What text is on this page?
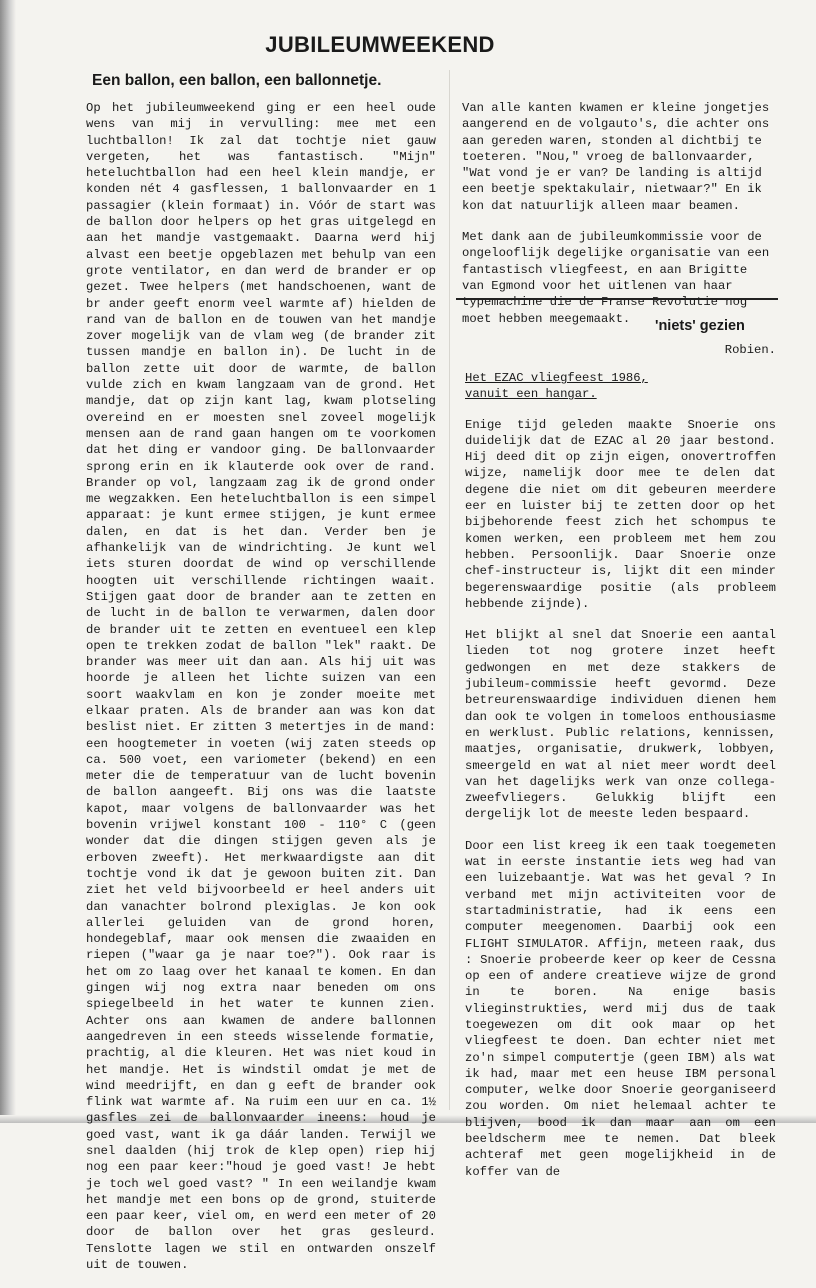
JUBILEUMWEEKEND
Een ballon, een ballon, een ballonnetje.

Op het jubileumweekend ging er een heel oude wens van mij in vervulling: mee met een luchtballon! Ik zal dat tochtje niet gauw vergeten, het was fantastisch. "Mijn" heteluchtballon had een heel klein mandje, er konden nét 4 gasflessen, 1 ballonvaarder en 1 passagier (klein formaat) in. Vóór de start was de ballon door helpers op het gras uitgelegd en aan het mandje vastgemaakt. Daarna werd hij alvast een beetje opgeblazen met behulp van een grote ventilator, en dan werd de brander er op gezet. Twee helpers (met handschoenen, want de br ander geeft enorm veel warmte af) hielden de rand van de ballon en de touwen van het mandje zover mogelijk van de vlam weg (de brander zit tussen mandje en ballon in). De lucht in de ballon zette uit door de warmte, de ballon vulde zich en kwam langzaam van de grond. Het mandje, dat op zijn kant lag, kwam plotseling overeind en er moesten snel zoveel mogelijk mensen aan de rand gaan hangen om te voorkomen dat het ding er vandoor ging. De ballonvaarder sprong erin en ik klauterde ook over de rand. Brander op vol, langzaam zag ik de grond onder me wegzakken. Een heteluchtballon is een simpel apparaat: je kunt ermee stijgen, je kunt ermee dalen, en dat is het dan. Verder ben je afhankelijk van de windrichting. Je kunt wel iets sturen doordat de wind op verschillende hoogten uit verschillende richtingen waait. Stijgen gaat door de brander aan te zetten en de lucht in de ballon te verwarmen, dalen door de brander uit te zetten en eventueel een klep open te trekken zodat de ballon "lek" raakt. De brander was meer uit dan aan. Als hij uit was hoorde je alleen het lichte suizen van een soort waakvlam en kon je zonder moeite met elkaar praten. Als de brander aan was kon dat beslist niet. Er zitten 3 metertjes in de mand: een hoogtemeter in voeten (wij zaten steeds op ca. 500 voet, een variometer (bekend) en een meter die de temperatuur van de lucht bovenin de ballon aangeeft. Bij ons was die laatste kapot, maar volgens de ballonvaarder was het bovenin vrijwel konstant 100 - 110° C (geen wonder dat die dingen stijgen geven als je erboven zweeft). Het merkwaardigste aan dit tochtje vond ik dat je gewoon buiten zit. Dan ziet het veld bijvoorbeeld er heel anders uit dan vanachter bolrond plexiglas. Je kon ook allerlei geluiden van de grond horen, hondegeblaf, maar ook mensen die zwaaiden en riepen ("waar ga je naar toe?"). Ook raar is het om zo laag over het kanaal te komen. En dan gingen wij nog extra naar beneden om ons spiegelbeeld in het water te kunnen zien. Achter ons aan kwamen de andere ballonnen aangedreven in een steeds wisselende formatie, prachtig, al die kleuren. Het was niet koud in het mandje. Het is windstil omdat je met de wind meedrijft, en dan g eeft de brander ook flink wat warmte af. Na ruim een uur en ca. 1½ gasfles zei de ballonvaarder ineens: houd je goed vast, want ik ga dáár landen. Terwijl we snel daalden (hij trok de klep open) riep hij nog een paar keer:"houd je goed vast! Je hebt je toch wel goed vast? " In een weilandje kwam het mandje met een bons op de grond, stuiterde een paar keer, viel om, en werd een meter of 20 door de ballon over het gras gesleurd. Tenslotte lagen we stil en ontwarden onszelf uit de touwen.

Van alle kanten kwamen er kleine jongetjes aangerend en de volgauto's, die achter ons aan gereden waren, stonden al dichtbij te toeteren. "Nou," vroeg de ballonvaarder, "Wat vond je er van? De landing is altijd een beetje spektakulair, nietwaar?" En ik kon dat natuurlijk alleen maar beamen.

Met dank aan de jubileumkommissie voor de ongelooflijk degelijke organisatie van een fantastisch vliegfeest, en aan Brigitte van Egmond voor het uitlenen van haar typemachine die de Franse Revolutie nog moet hebben meegemaakt.

Robien.

'niets' gezien
Het EZAC vliegfeest 1986,
vanuit een hangar.

Enige tijd geleden maakte Snoerie ons duidelijk dat de EZAC al 20 jaar bestond. Hij deed dit op zijn eigen, onovertroffen wijze, namelijk door mee te delen dat degene die niet om dit gebeuren meerdere eer en luister bij te zetten door op het bijbehorende feest zich het schompus te komen werken, een probleem met hem zou hebben. Persoonlijk. Daar Snoerie onze chef-instructeur is, lijkt dit een minder begerenswaardige positie (als probleem hebbende zijnde).

Het blijkt al snel dat Snoerie een aantal lieden tot nog grotere inzet heeft gedwongen en met deze stakkers de jubileum-commissie heeft gevormd. Deze betreurenswaardige individuen dienen hem dan ook te volgen in tomeloos enthousiasme en werklust. Public relations, kennissen, maatjes, organisatie, drukwerk, lobbyen, smeergeld en wat al niet meer wordt deel van het dagelijks werk van onze collega-zweefvliegers. Gelukkig blijft een dergelijk lot de meeste leden bespaard.

Door een list kreeg ik een taak toegemeten wat in eerste instantie iets weg had van een luizebaantje. Wat was het geval ? In verband met mijn activiteiten voor de startadministratie, had ik eens een computer meegenomen. Daarbij ook een FLIGHT SIMULATOR. Affijn, meteen raak, dus : Snoerie probeerde keer op keer de Cessna op een of andere creatieve wijze de grond in te boren. Na enige basis vlieginstrukties, werd mij dus de taak toegewezen om dit ook maar op het vliegfeest te doen. Dan echter niet met zo'n simpel computertje (geen IBM) als wat ik had, maar met een heuse IBM personal computer, welke door Snoerie georganiseerd zou worden. Om niet helemaal achter te blijven, bood ik dan maar aan om een beeldscherm mee te nemen. Dat bleek achteraf met geen mogelijkheid in de koffer van de
